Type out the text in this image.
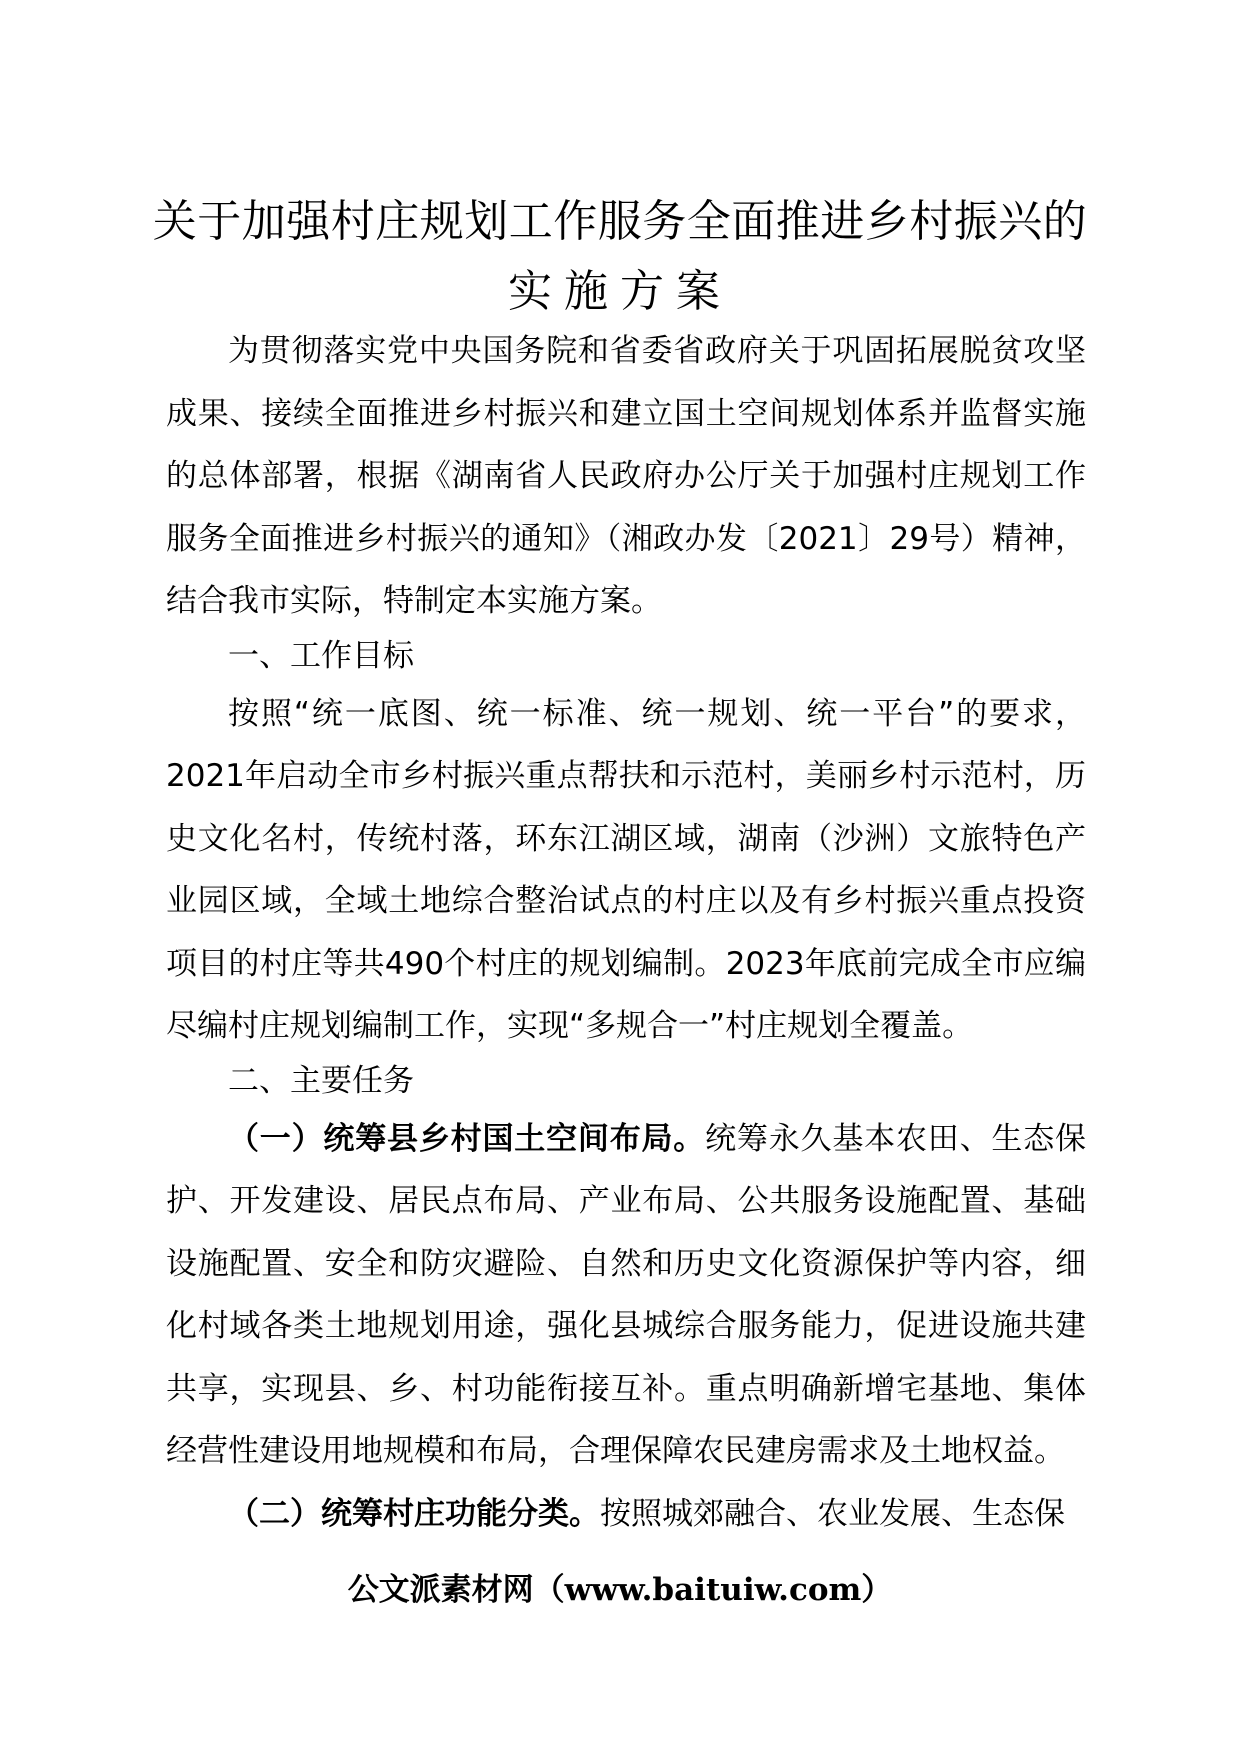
关于加强村庄规划工作服务全面推进乡村振兴的
实施方案

为贯彻落实党中央国务院和省委省政府关于巩固拓展脱贫攻坚成果、接续全面推进乡村振兴和建立国土空间规划体系并监督实施的总体部署，根据《湖南省人民政府办公厅关于加强村庄规划工作服务全面推进乡村振兴的通知》（湘政办发〔2021〕29号）精神，结合我市实际，特制定本实施方案。

一、工作目标

按照“统一底图、统一标准、统一规划、统一平台”的要求，2021年启动全市乡村振兴重点帮扶和示范村，美丽乡村示范村，历史文化名村，传统村落，环东江湖区域，湖南（沙洲）文旅特色产业园区域，全域土地综合整治试点的村庄以及有乡村振兴重点投资项目的村庄等共490个村庄的规划编制。2023年底前完成全市应编尽编村庄规划编制工作，实现“多规合一”村庄规划全覆盖。

二、主要任务

（一）统筹县乡村国土空间布局。统筹永久基本农田、生态保护、开发建设、居民点布局、产业布局、公共服务设施配置、基础设施配置、安全和防灾避险、自然和历史文化资源保护等内容，细化村域各类土地规划用途，强化县城综合服务能力，促进设施共建共享，实现县、乡、村功能衔接互补。重点明确新增宅基地、集体经营性建设用地规模和布局，合理保障农民建房需求及土地权益。

（二）统筹村庄功能分类。按照城郊融合、农业发展、生态保

公文派素材网（www.baituiw.com）
